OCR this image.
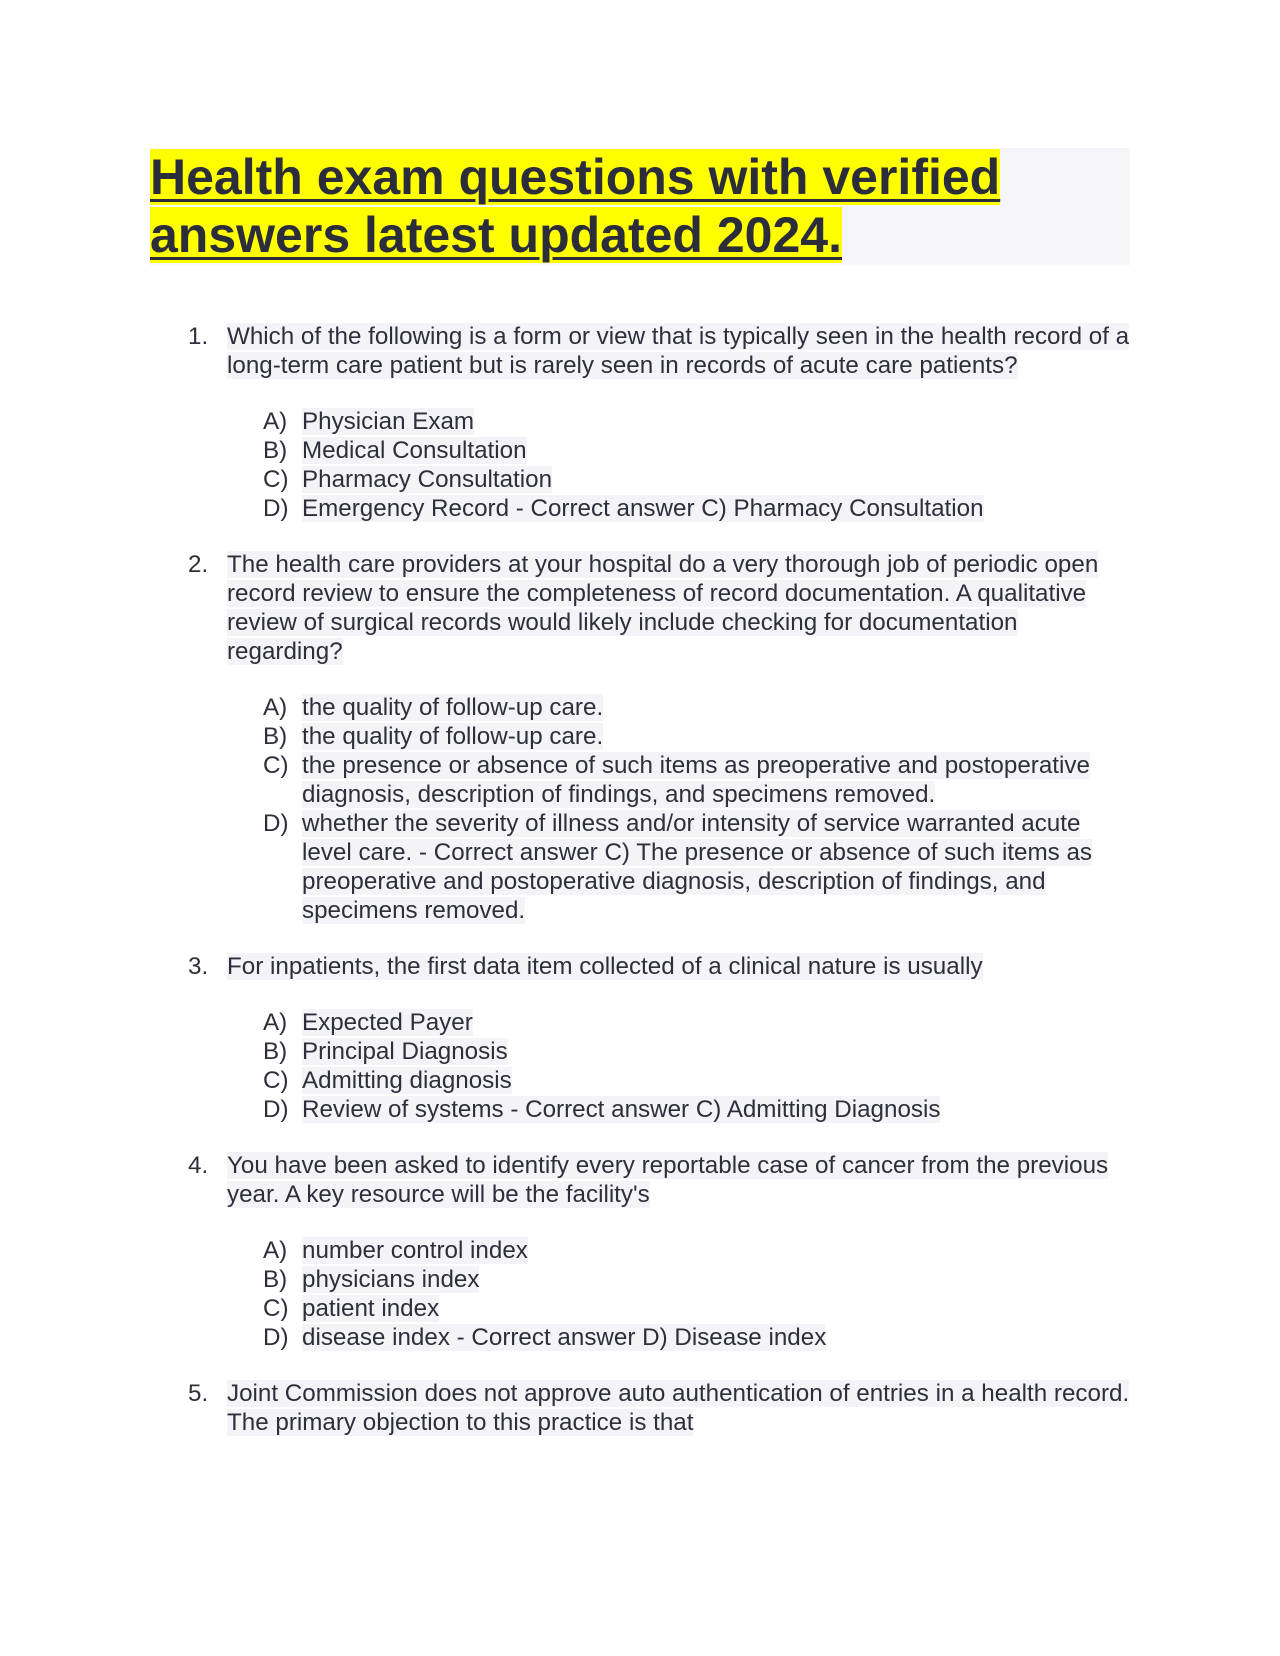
Health exam questions with verified answers latest updated 2024.
1. Which of the following is a form or view that is typically seen in the health record of a long-term care patient but is rarely seen in records of acute care patients?
A) Physician Exam
B) Medical Consultation
C) Pharmacy Consultation
D) Emergency Record - Correct answer C) Pharmacy Consultation
2. The health care providers at your hospital do a very thorough job of periodic open record review to ensure the completeness of record documentation. A qualitative review of surgical records would likely include checking for documentation regarding?
A) the quality of follow-up care.
B) the quality of follow-up care.
C) the presence or absence of such items as preoperative and postoperative diagnosis, description of findings, and specimens removed.
D) whether the severity of illness and/or intensity of service warranted acute level care. - Correct answer C) The presence or absence of such items as preoperative and postoperative diagnosis, description of findings, and specimens removed.
3. For inpatients, the first data item collected of a clinical nature is usually
A) Expected Payer
B) Principal Diagnosis
C) Admitting diagnosis
D) Review of systems - Correct answer C) Admitting Diagnosis
4. You have been asked to identify every reportable case of cancer from the previous year. A key resource will be the facility's
A) number control index
B) physicians index
C) patient index
D) disease index - Correct answer D) Disease index
5. Joint Commission does not approve auto authentication of entries in a health record. The primary objection to this practice is that
